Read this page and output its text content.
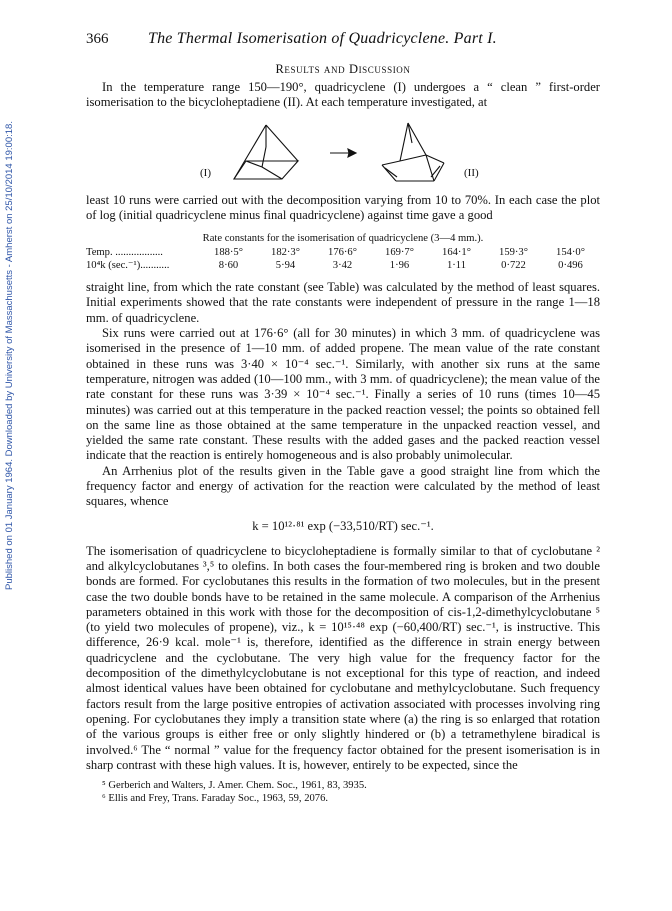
Published on 01 January 1964. Downloaded by University of Massachusetts - Amherst on 25/10/2014 19:00:18.
366	The Thermal Isomerisation of Quadricyclene. Part I.
Results and Discussion

In the temperature range 150—190°, quadricyclene (I) undergoes a “ clean ” first-order isomerisation to the bicycloheptadiene (II). At each temperature investigated, at

(I)	(II)

least 10 runs were carried out with the decomposition varying from 10 to 70%. In each case the plot of log (initial quadricyclene minus final quadricyclene) against time gave a good

Rate constants for the isomerisation of quadricyclene (3—4 mm.).
Temp. ..................	188·5°	182·3°	176·6°	169·7°	164·1°	159·3°	154·0°
10⁴k (sec.⁻¹)...........	8·60	5·94	3·42	1·96	1·11	0·722	0·496

straight line, from which the rate constant (see Table) was calculated by the method of least squares. Initial experiments showed that the rate constants were independent of pressure in the range 1—18 mm. of quadricyclene.

Six runs were carried out at 176·6° (all for 30 minutes) in which 3 mm. of quadricyclene was isomerised in the presence of 1—10 mm. of added propene. The mean value of the rate constant obtained in these runs was 3·40 × 10⁻⁴ sec.⁻¹. Similarly, with another six runs at the same temperature, nitrogen was added (10—100 mm., with 3 mm. of quadricyclene); the mean value of the rate constant for these runs was 3·39 × 10⁻⁴ sec.⁻¹. Finally a series of 10 runs (times 10—45 minutes) was carried out at this temperature in the packed reaction vessel; the points so obtained fell on the same line as those obtained at the same temperature in the unpacked reaction vessel, and yielded the same rate constant. These results with the added gases and the packed reaction vessel indicate that the reaction is entirely homogeneous and is also probably unimolecular.

An Arrhenius plot of the results given in the Table gave a good straight line from which the frequency factor and energy of activation for the reaction were calculated by the method of least squares, whence

k = 10¹²·⁸¹ exp (−33,510/RT) sec.⁻¹.

The isomerisation of quadricyclene to bicycloheptadiene is formally similar to that of cyclobutane ² and alkylcyclobutanes ³,⁵ to olefins. In both cases the four-membered ring is broken and two double bonds are formed. For cyclobutanes this results in the formation of two molecules, but in the present case the two double bonds have to be retained in the same molecule. A comparison of the Arrhenius parameters obtained in this work with those for the decomposition of cis-1,2-dimethylcyclobutane ⁵ (to yield two molecules of propene), viz., k = 10¹⁵·⁴⁸ exp (−60,400/RT) sec.⁻¹, is instructive. This difference, 26·9 kcal. mole⁻¹ is, therefore, identified as the difference in strain energy between quadricyclene and the cyclobutane. The very high value for the frequency factor for the decomposition of the dimethylcyclobutane is not exceptional for this type of reaction, and indeed almost identical values have been obtained for cyclobutane and methylcyclobutane. Such frequency factors result from the large positive entropies of activation associated with processes involving ring opening. For cyclobutanes they imply a transition state where (a) the ring is so enlarged that rotation of the various groups is either free or only slightly hindered or (b) a tetramethylene biradical is involved.⁶ The “ normal ” value for the frequency factor obtained for the present isomerisation is in sharp contrast with these high values. It is, however, entirely to be expected, since the

⁵ Gerberich and Walters, J. Amer. Chem. Soc., 1961, 83, 3935.
⁶ Ellis and Frey, Trans. Faraday Soc., 1963, 59, 2076.
